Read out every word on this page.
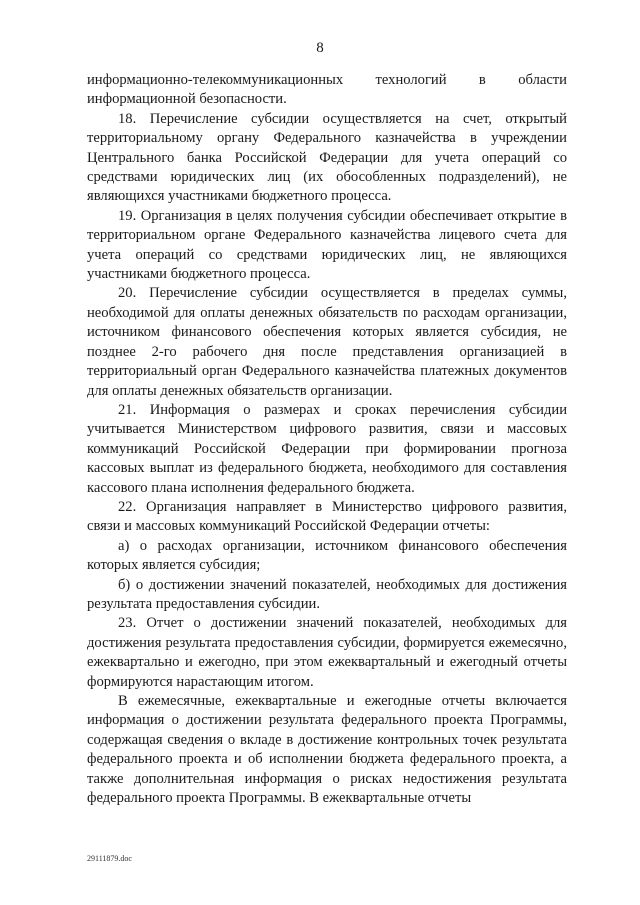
8

информационно-телекоммуникационных технологий в области информационной безопасности.

18. Перечисление субсидии осуществляется на счет, открытый территориальному органу Федерального казначейства в учреждении Центрального банка Российской Федерации для учета операций со средствами юридических лиц (их обособленных подразделений), не являющихся участниками бюджетного процесса.

19. Организация в целях получения субсидии обеспечивает открытие в территориальном органе Федерального казначейства лицевого счета для учета операций со средствами юридических лиц, не являющихся участниками бюджетного процесса.

20. Перечисление субсидии осуществляется в пределах суммы, необходимой для оплаты денежных обязательств по расходам организации, источником финансового обеспечения которых является субсидия, не позднее 2-го рабочего дня после представления организацией в территориальный орган Федерального казначейства платежных документов для оплаты денежных обязательств организации.

21. Информация о размерах и сроках перечисления субсидии учитывается Министерством цифрового развития, связи и массовых коммуникаций Российской Федерации при формировании прогноза кассовых выплат из федерального бюджета, необходимого для составления кассового плана исполнения федерального бюджета.

22. Организация направляет в Министерство цифрового развития, связи и массовых коммуникаций Российской Федерации отчеты:

а) о расходах организации, источником финансового обеспечения которых является субсидия;

б) о достижении значений показателей, необходимых для достижения результата предоставления субсидии.

23. Отчет о достижении значений показателей, необходимых для достижения результата предоставления субсидии, формируется ежемесячно, ежеквартально и ежегодно, при этом ежеквартальный и ежегодный отчеты формируются нарастающим итогом.

В ежемесячные, ежеквартальные и ежегодные отчеты включается информация о достижении результата федерального проекта Программы, содержащая сведения о вкладе в достижение контрольных точек результата федерального проекта и об исполнении бюджета федерального проекта, а также дополнительная информация о рисках недостижения результата федерального проекта Программы. В ежеквартальные отчеты

29111879.doc
